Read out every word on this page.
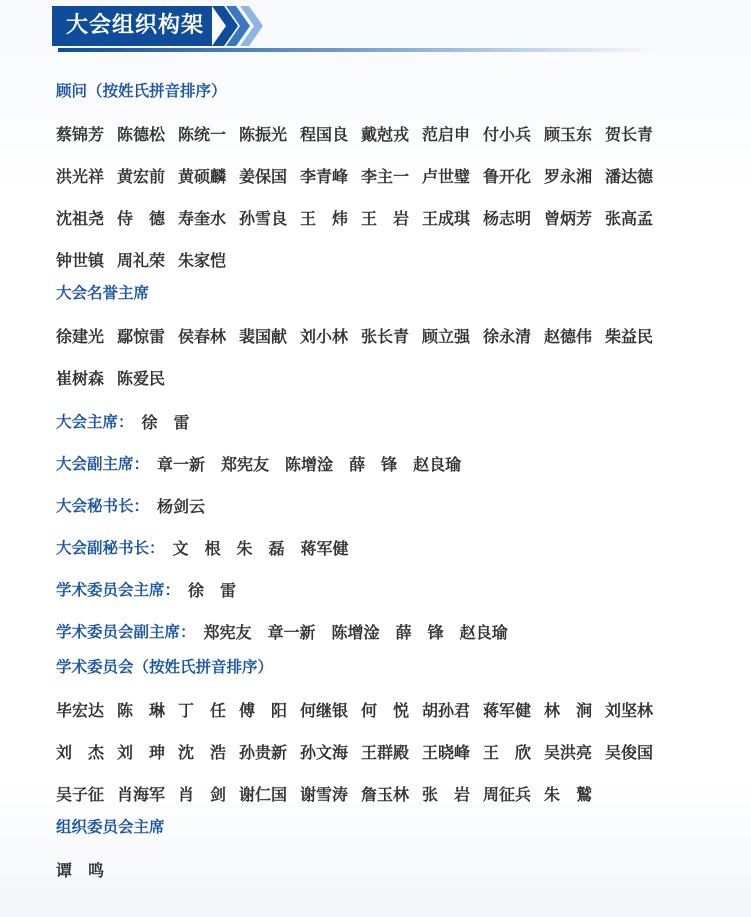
大会组织构架
顾问（按姓氏拼音排序）
蔡锦芳 陈德松 陈统一 陈振光 程国良 戴尅戎 范启申 付小兵 顾玉东 贺长青
洪光祥 黄宏前 黄硕麟 姜保国 李青峰 李主一 卢世璧 鲁开化 罗永湘 潘达德
沈祖尧 侍　德 寿奎水 孙雪良 王　炜 王　岩 王成琪 杨志明 曾炳芳 张高孟
钟世镇 周礼荣 朱家恺
大会名誉主席
徐建光 鄢惊雷 侯春林 裴国献 刘小林 张长青 顾立强 徐永清 赵德伟 柴益民
崔树森 陈爱民
大会主席： 徐　雷
大会副主席： 章一新 郑宪友 陈增淦 薛　锋 赵良瑜
大会秘书长： 杨剑云
大会副秘书长： 文　根 朱　磊 蒋军健
学术委员会主席： 徐　雷
学术委员会副主席： 郑宪友 章一新 陈增淦 薛　锋 赵良瑜
学术委员会（按姓氏拼音排序）
毕宏达 陈　琳 丁　任 傅　阳 何继银 何　悦 胡孙君 蒋军健 林　涧 刘坚林
刘　杰 刘　珅 沈　浩 孙贵新 孙文海 王群殿 王晓峰 王　欣 吴洪亮 吴俊国
吴子征 肖海军 肖　剑 谢仁国 谢雪涛 詹玉林 张　岩 周征兵 朱　鷲
组织委员会主席
谭　鸣
